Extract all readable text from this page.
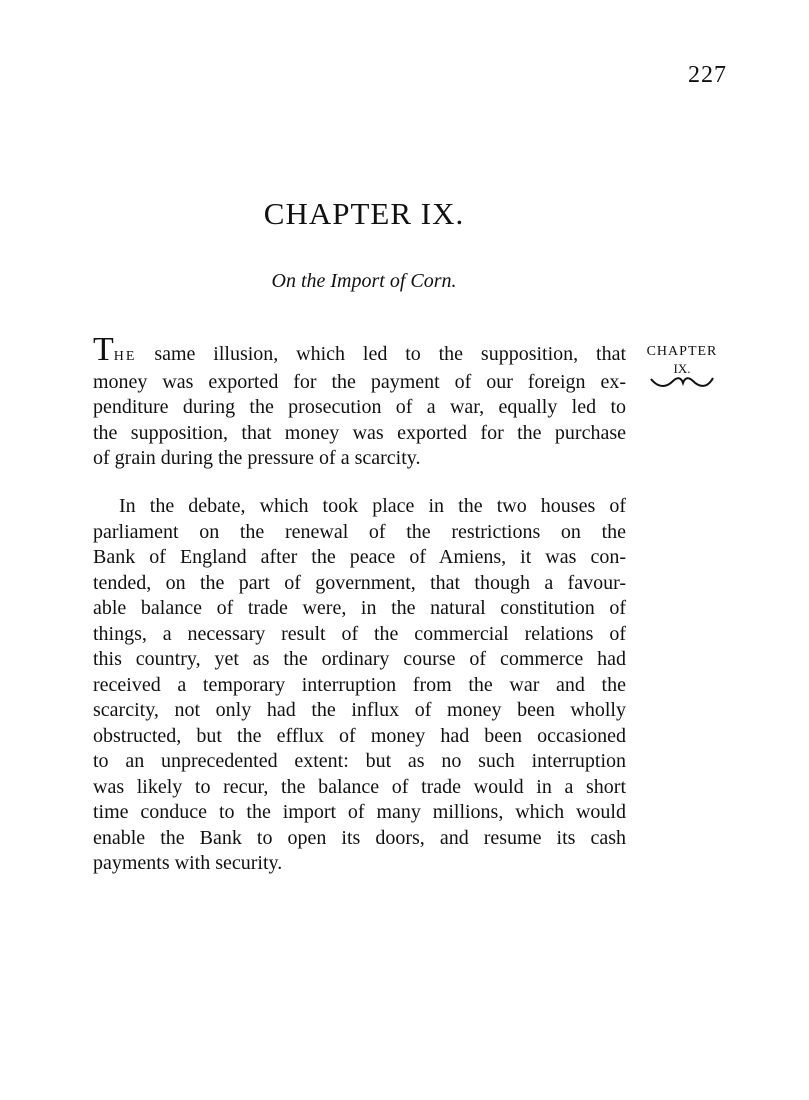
227
CHAPTER IX.
On the Import of Corn.
THE same illusion, which led to the supposition, that
money was exported for the payment of our foreign ex-
penditure during the prosecution of a war, equally led to
the supposition, that money was exported for the purchase
of grain during the pressure of a scarcity.
CHAPTER
IX.
In the debate, which took place in the two houses of
parliament on the renewal of the restrictions on the
Bank of England after the peace of Amiens, it was con-
tended, on the part of government, that though a favour-
able balance of trade were, in the natural constitution of
things, a necessary result of the commercial relations of
this country, yet as the ordinary course of commerce had
received a temporary interruption from the war and the
scarcity, not only had the influx of money been wholly
obstructed, but the efflux of money had been occasioned
to an unprecedented extent: but as no such interruption
was likely to recur, the balance of trade would in a short
time conduce to the import of many millions, which would
enable the Bank to open its doors, and resume its cash
payments with security.
